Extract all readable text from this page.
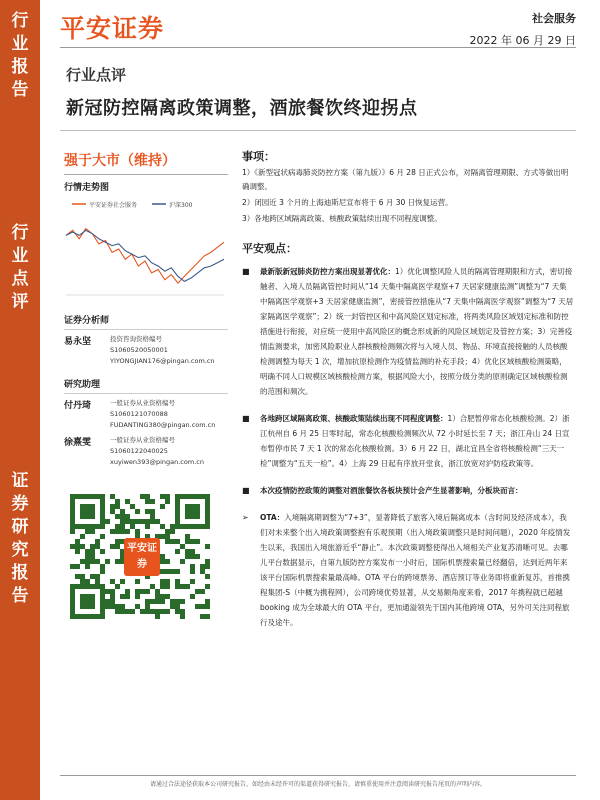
行
业
报
告
行
业
点
评
证
券
研
究
报
告
平安证券	社会服务
2022 年 06 月 29 日
行业点评
新冠防控隔离政策调整，酒旅餐饮终迎拐点
强于大市（维持）
行情走势图
平安证券社会服务	沪深300
证券分析师
易永坚	投资咨询资格编号
S1060520050001
YIYONGJIAN176@pingan.com.cn
研究助理
付丹琦	一般证券从业资格编号
S1060121070088
FUDANTING380@pingan.com.cn
徐熹雯	一般证券从业资格编号
S1060122040025
xuyiwen393@pingan.com.cn
平安证券
事项：
1）《新型冠状病毒肺炎防控方案（第九版）》6 月 28 日正式公布，对隔离管理期限、方式等做出明确调整。
2）闭园近 3 个月的上海迪斯尼宣布将于 6 月 30 日恢复运营。
3）各地跨区域隔离政策、核酸政策陆续出现不同程度调整。
平安观点：
■	最新版新冠肺炎防控方案出现显著优化：1）优化调整风险人员的隔离管理期限和方式，密切接触者、入境人员隔离管控时间从“14 天集中隔离医学观察+7 天居家健康监测”调整为“7 天集中隔离医学观察+3 天居家健康监测”，密接管控措施从“7 天集中隔离医学观察”调整为“7 天居家隔离医学观察”；2）统一封管控区和中高风险区划定标准，将两类风险区域划定标准和防控措施进行衔接，对应统一使用中高风险区的概念形成新的风险区域划定及管控方案；3）完善疫情监测要求，加密风险职业人群核酸检测频次将与入境人员、物品、环境直接接触的人员核酸检测调整为每天 1 次，增加抗原检测作为疫情监测的补充手段；4）优化区域核酸检测策略，明确不同人口规模区域核酸检测方案，根据风险大小，按照分级分类的原则确定区域核酸检测的范围和频次。
■	各地跨区域隔离政策、核酸政策陆续出现不同程度调整：1）合肥暂停常态化核酸检测。2）浙江杭州自 6 月 25 日零时起，常态化核酸检测频次从 72 小时延长至 7 天；浙江舟山 24 日宣布暂停市民 7 天 1 次的常态化核酸检测。3）6 月 22 日，湖北宜昌全省将核酸检测“三天一检”调整为“五天一检”。4）上海 29 日起有序放开堂食，浙江放宽对沪防疫政策等。
■	本次疫情防控政策的调整对酒旅餐饮各板块预计会产生显著影响，分板块而言：
➢	OTA：入境隔离期调整为“7+3”，显著降低了旅客入境后隔离成本（含时间及经济成本），我们对未来整个出入境政策调整抱有乐观预期（出入境政策调整只是时间问题），2020 年疫情发生以来，我国出入境旅游近乎“静止”。本次政策调整使得出入境相关产业复苏清晰可见。去哪儿平台数据显示，自第九版防控方案发布一小时后，国际机票搜索量已经翻倍，达到近两年来该平台国际机票搜索量最高峰。OTA 平台的跨境票务、酒店预订等业务即将重新复苏，首推携程集团-S（中概为携程网），公司跨境优势显著，从交易额角度来看，2017 年携程就已超越 booking 成为全球最大的 OTA 平台，更加通溢领先于国内其他跨境 OTA，另外可关注同程旅行及途牛。
请通过合法途径获取本公司研究报告，如经由未经许可的渠道获得研究报告，请慎重使用并注意阅读研究报告尾页的声明内容。
